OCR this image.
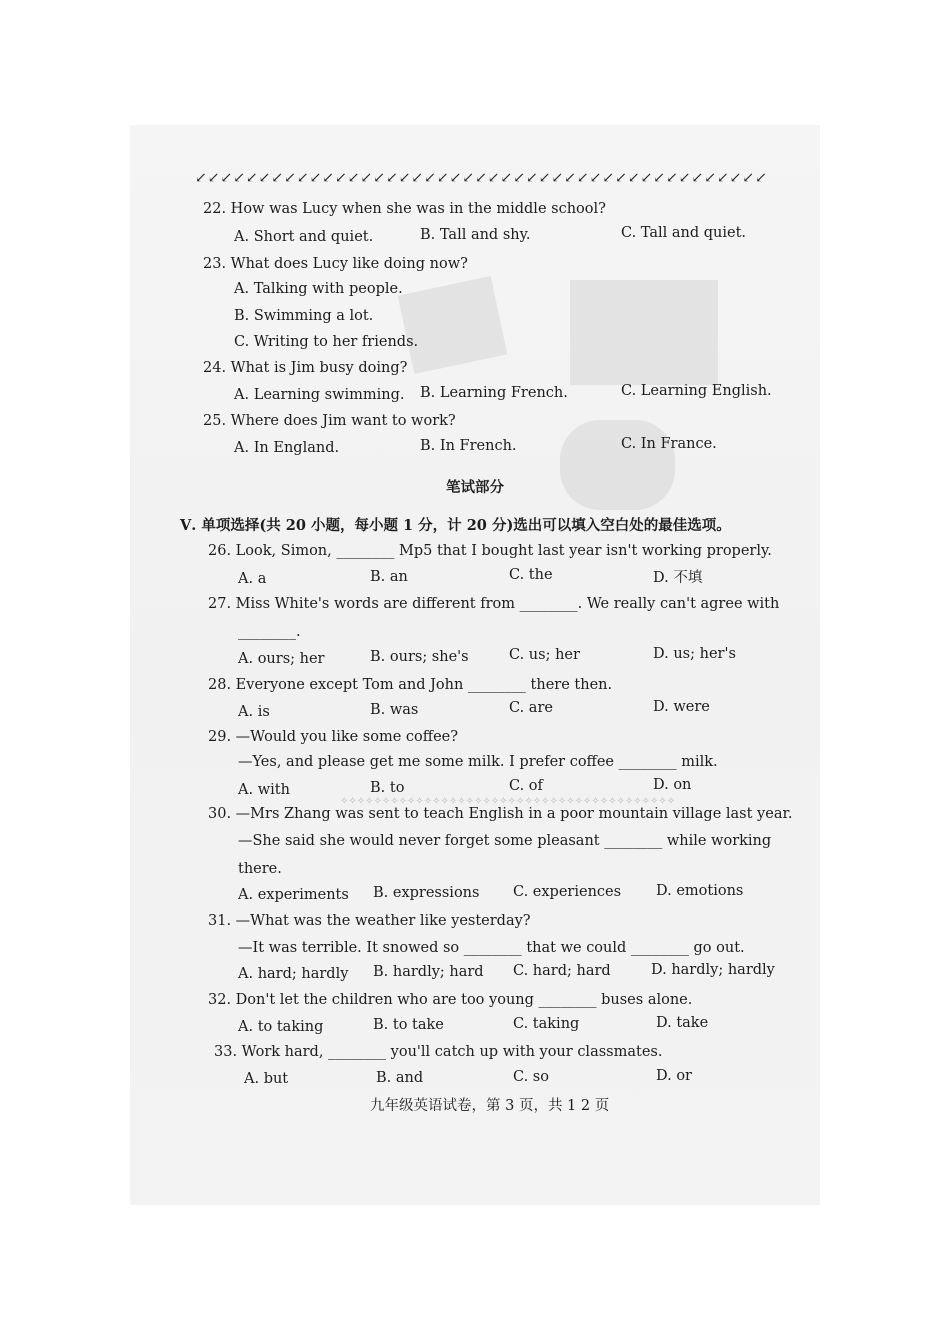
↙↙↙↙↙↙↙↙↙↙↙↙↙↙↙↙↙↙↙↙↙↙↙↙↙↙↙↙↙↙↙↙↙↙↙↙↙↙↙↙↙↙↙↙↙
22. How was Lucy when she was in the middle school?
A. Short and quiet.	B. Tall and shy.	C. Tall and quiet.
23. What does Lucy like doing now?
A. Talking with people.
B. Swimming a lot.
C. Writing to her friends.
24. What is Jim busy doing?
A. Learning swimming. B. Learning French.	C. Learning English.
25. Where does Jim want to work?
A. In England.	B. In French.	C. In France.
笔试部分
Ⅴ. 单项选择(共 20 小题，每小题 1 分，计 20 分)选出可以填入空白处的最佳选项。
26. Look, Simon, ________ Mp5 that I bought last year isn't working properly.
A. a	B. an	C. the	D. 不填
27. Miss White's words are different from ________. We really can't agree with
________.
A. ours; her	B. ours; she's	C. us; her	D. us; her's
28. Everyone except Tom and John ________ there then.
A. is	B. was	C. are	D. were
29. —Would you like some coffee?
—Yes, and please get me some milk. I prefer coffee ________ milk.
A. with	B. to	C. of	D. on
✧✧✧✧✧✧✧✧✧✧✧✧✧✧✧✧✧✧✧✧✧✧✧✧✧✧✧✧✧✧✧✧✧✧✧✧✧✧✧✧
30. —Mrs Zhang was sent to teach English in a poor mountain village last year.
—She said she would never forget some pleasant ________ while working
there.
A. experiments B. expressions C. experiences D. emotions
31. —What was the weather like yesterday?
—It was terrible. It snowed so ________ that we could ________ go out.
A. hard; hardly B. hardly; hard C. hard; hard	D. hardly; hardly
32. Don't let the children who are too young ________ buses alone.
A. to taking	B. to take	C. taking	D. take
33. Work hard, ________ you'll catch up with your classmates.
A. but	B. and	C. so	D. or
九年级英语试卷，第 3 页，共 1 2 页
